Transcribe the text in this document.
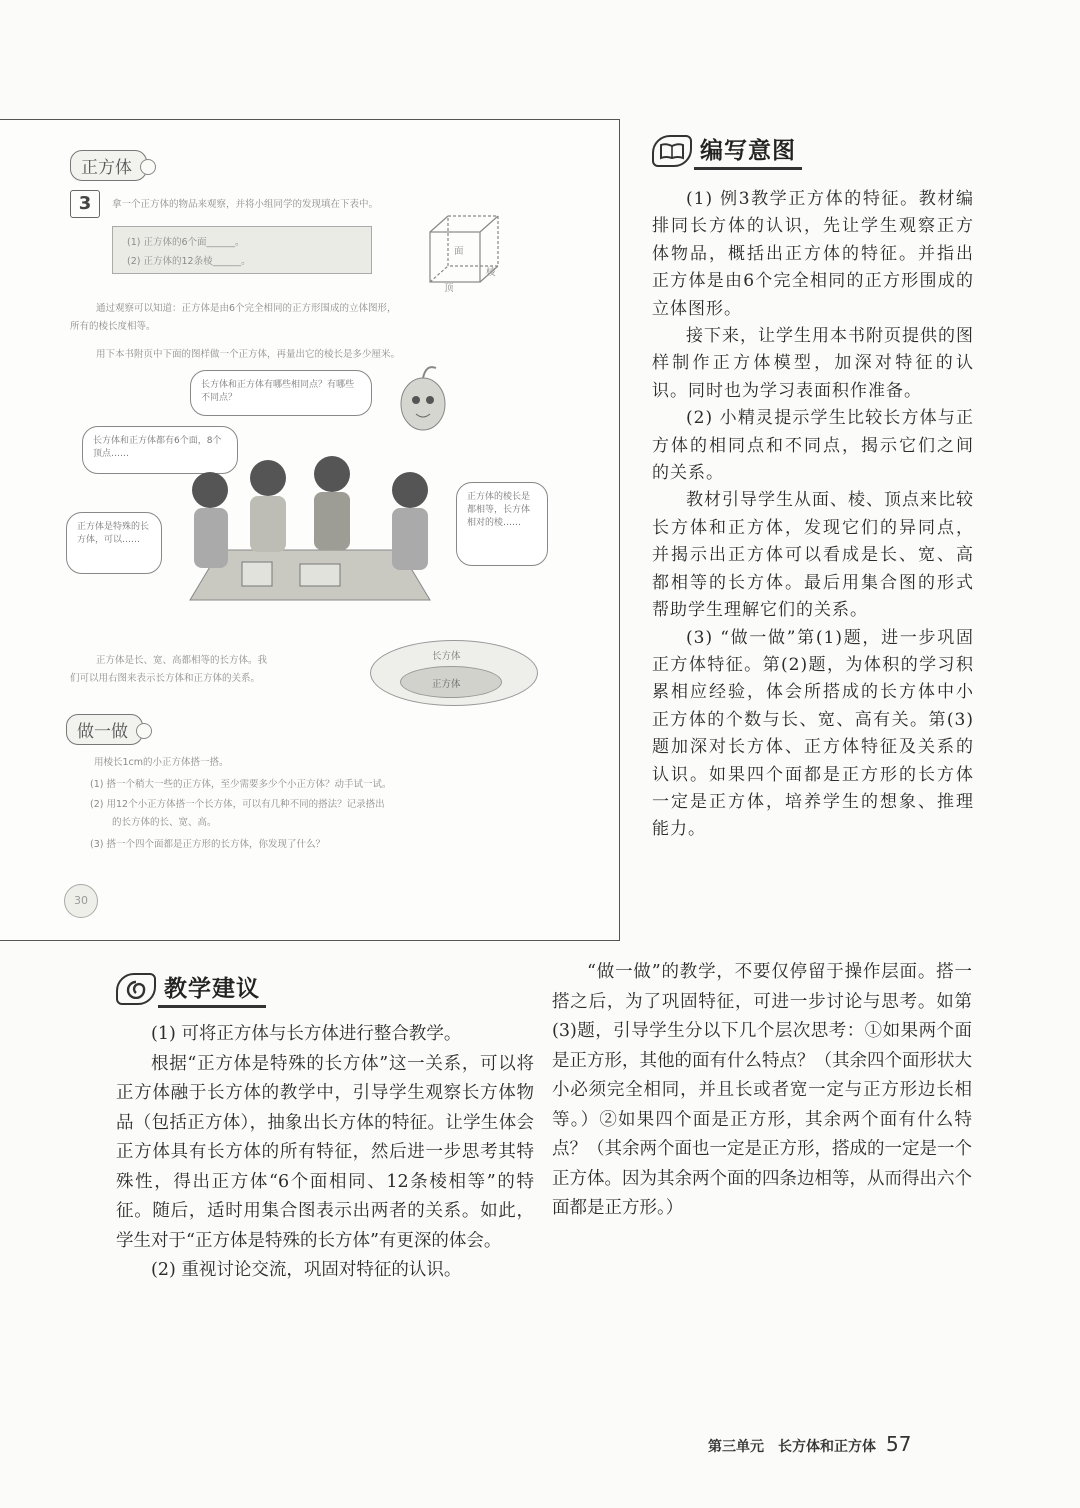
正方体
3	拿一个正方体的物品来观察，并将小组同学的发现填在下表中。
(1) 正方体的6个面______。
(2) 正方体的12条棱______。
面
棱
顶
通过观察可以知道：正方体是由6个完全相同的正方形围成的立体图形，
所有的棱长度相等。
用下本书附页中下面的图样做一个正方体，再量出它的棱长是多少厘米。
长方体和正方体有哪些相同点？有哪些不同点？
长方体和正方体都有6个面，8个顶点……
正方体是特殊的长方体，可以……
正方体的棱长是都相等，长方体相对的棱……
正方体是长、宽、高都相等的长方体。我
们可以用右图来表示长方体和正方体的关系。
长方体
正方体
做一做
用棱长1cm的小正方体搭一搭。
(1) 搭一个稍大一些的正方体，至少需要多少个小正方体？动手试一试。
(2) 用12个小正方体搭一个长方体，可以有几种不同的搭法？记录搭出
的长方体的长、宽、高。
(3) 搭一个四个面都是正方形的长方体，你发现了什么？
30
编写意图

(1) 例3教学正方体的特征。教材编排同长方体的认识，先让学生观察正方体物品，概括出正方体的特征。并指出正方体是由6个完全相同的正方形围成的立体图形。

接下来，让学生用本书附页提供的图样制作正方体模型，加深对特征的认识。同时也为学习表面积作准备。

(2) 小精灵提示学生比较长方体与正方体的相同点和不同点，揭示它们之间的关系。

教材引导学生从面、棱、顶点来比较长方体和正方体，发现它们的异同点，并揭示出正方体可以看成是长、宽、高都相等的长方体。最后用集合图的形式帮助学生理解它们的关系。

(3) “做一做”第(1)题，进一步巩固正方体特征。第(2)题，为体积的学习积累相应经验，体会所搭成的长方体中小正方体的个数与长、宽、高有关。第(3)题加深对长方体、正方体特征及关系的认识。如果四个面都是正方形的长方体一定是正方体，培养学生的想象、推理能力。

教学建议

(1) 可将正方体与长方体进行整合教学。

根据“正方体是特殊的长方体”这一关系，可以将正方体融于长方体的教学中，引导学生观察长方体物品（包括正方体），抽象出长方体的特征。让学生体会正方体具有长方体的所有特征，然后进一步思考其特殊性，得出正方体“6个面相同、12条棱相等”的特征。随后，适时用集合图表示出两者的关系。如此，学生对于“正方体是特殊的长方体”有更深的体会。

(2) 重视讨论交流，巩固对特征的认识。

“做一做”的教学，不要仅停留于操作层面。搭一搭之后，为了巩固特征，可进一步讨论与思考。如第(3)题，引导学生分以下几个层次思考：①如果两个面是正方形，其他的面有什么特点？（其余四个面形状大小必须完全相同，并且长或者宽一定与正方形边长相等。）②如果四个面是正方形，其余两个面有什么特点？（其余两个面也一定是正方形，搭成的一定是一个正方体。因为其余两个面的四条边相等，从而得出六个面都是正方形。）

第三单元　长方体和正方体 57
